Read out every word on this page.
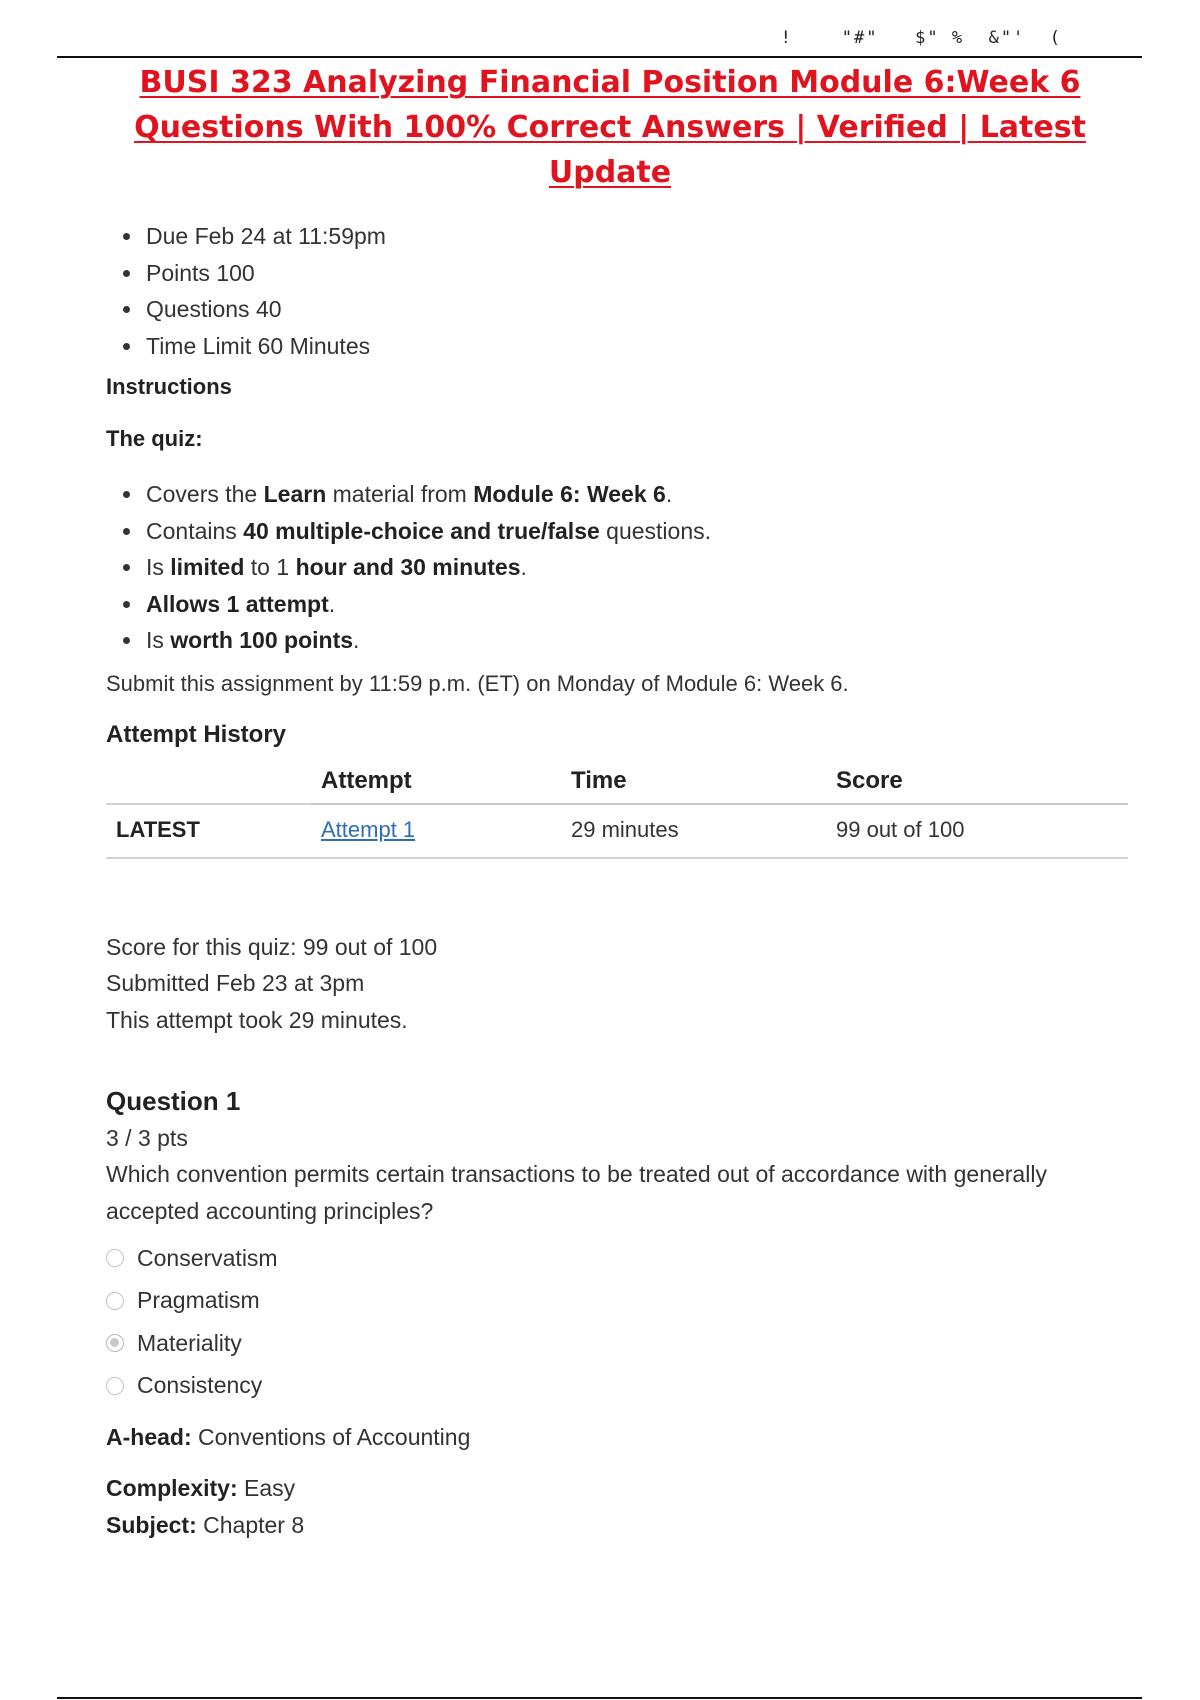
!    "#"   $" %  &"'  (
BUSI 323 Analyzing Financial Position Module 6:Week 6 Questions With 100% Correct Answers | Verified | Latest Update
• Due Feb 24 at 11:59pm
• Points 100
• Questions 40
• Time Limit 60 Minutes
Instructions
The quiz:
• Covers the Learn material from Module 6: Week 6.
• Contains 40 multiple-choice and true/false questions.
• Is limited to 1 hour and 30 minutes.
• Allows 1 attempt.
• Is worth 100 points.
Submit this assignment by 11:59 p.m. (ET) on Monday of Module 6: Week 6.
Attempt History
	Attempt	Time	Score
LATEST	Attempt 1	29 minutes	99 out of 100
Score for this quiz: 99 out of 100
Submitted Feb 23 at 3pm
This attempt took 29 minutes.
Question 1
3 / 3 pts
Which convention permits certain transactions to be treated out of accordance with generally accepted accounting principles?
Conservatism
Pragmatism
Materiality
Consistency
A-head: Conventions of Accounting
Complexity: Easy
Subject: Chapter 8
